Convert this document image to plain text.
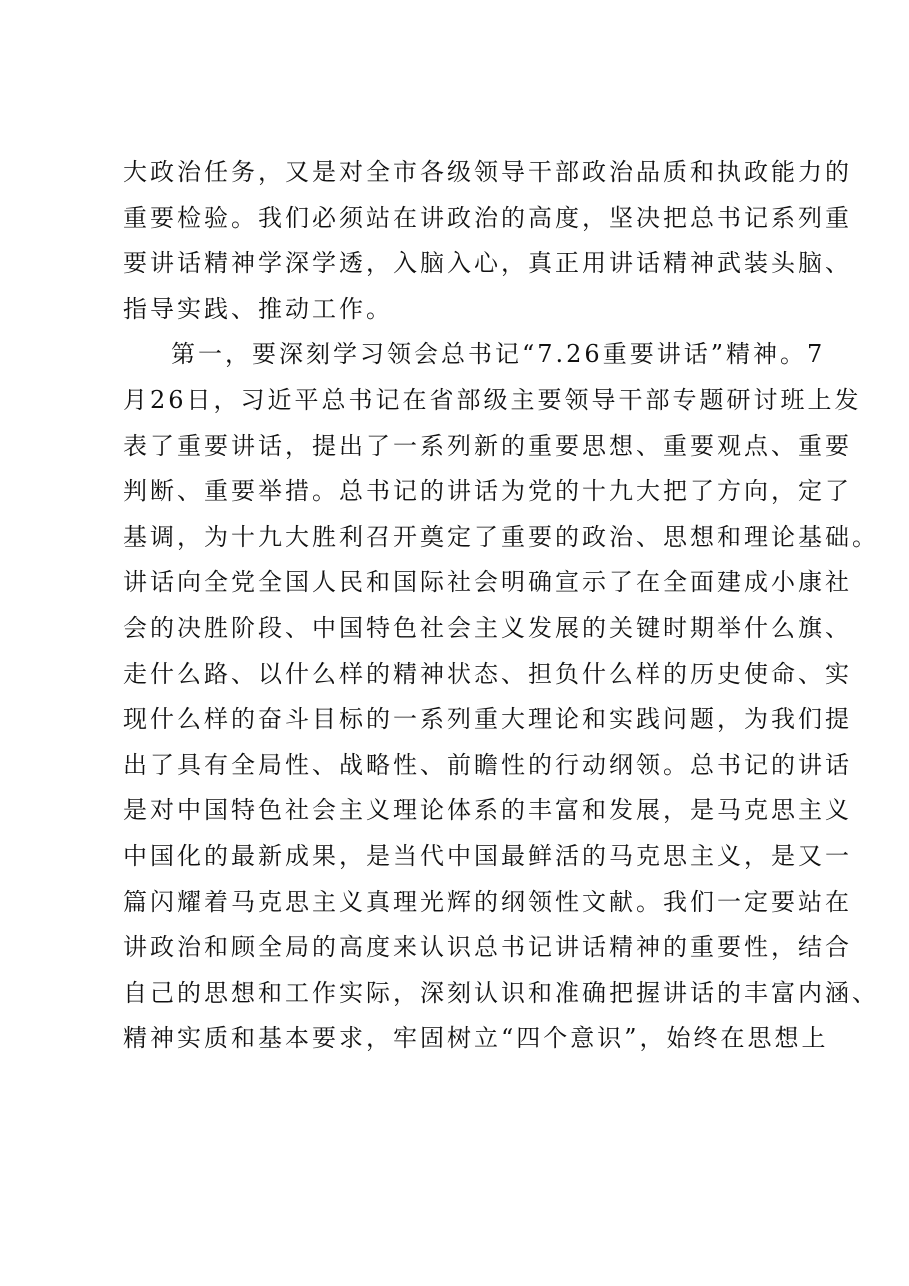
大政治任务，又是对全市各级领导干部政治品质和执政能力的
重要检验。我们必须站在讲政治的高度，坚决把总书记系列重
要讲话精神学深学透，入脑入心，真正用讲话精神武装头脑、
指导实践、推动工作。
第一，要深刻学习领会总书记“7.26重要讲话”精神。7
月26日，习近平总书记在省部级主要领导干部专题研讨班上发
表了重要讲话，提出了一系列新的重要思想、重要观点、重要
判断、重要举措。总书记的讲话为党的十九大把了方向，定了
基调，为十九大胜利召开奠定了重要的政治、思想和理论基础。
讲话向全党全国人民和国际社会明确宣示了在全面建成小康社
会的决胜阶段、中国特色社会主义发展的关键时期举什么旗、
走什么路、以什么样的精神状态、担负什么样的历史使命、实
现什么样的奋斗目标的一系列重大理论和实践问题，为我们提
出了具有全局性、战略性、前瞻性的行动纲领。总书记的讲话
是对中国特色社会主义理论体系的丰富和发展，是马克思主义
中国化的最新成果，是当代中国最鲜活的马克思主义，是又一
篇闪耀着马克思主义真理光辉的纲领性文献。我们一定要站在
讲政治和顾全局的高度来认识总书记讲话精神的重要性，结合
自己的思想和工作实际，深刻认识和准确把握讲话的丰富内涵、
精神实质和基本要求，牢固树立“四个意识”，始终在思想上
